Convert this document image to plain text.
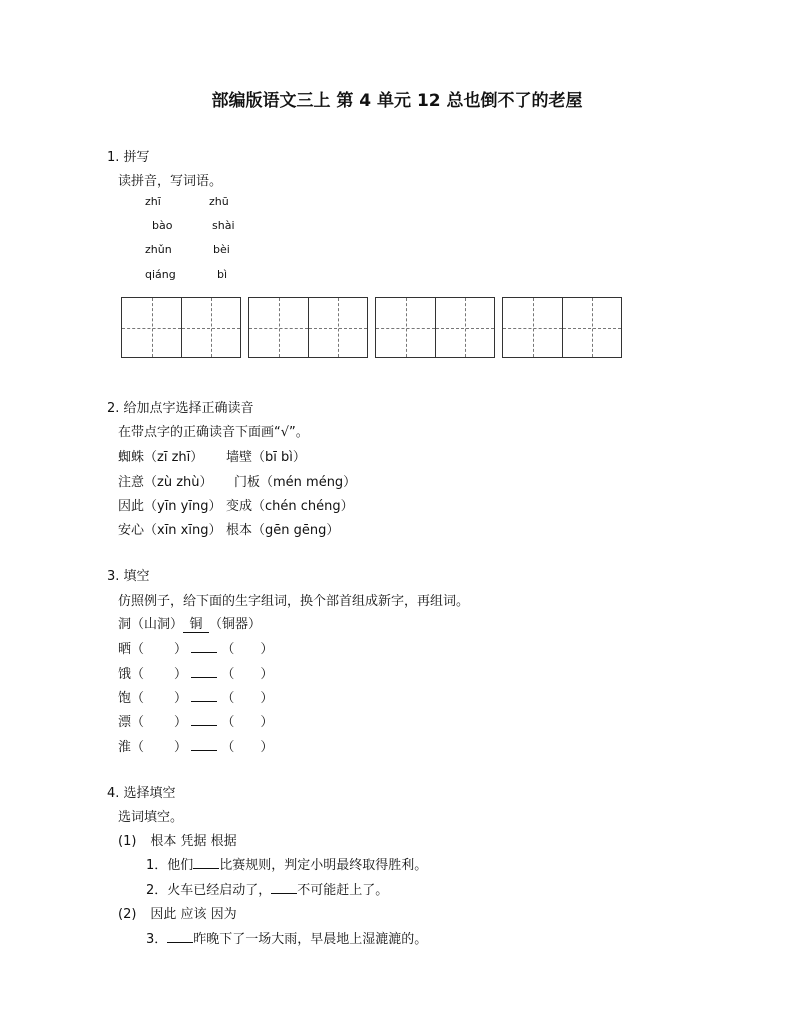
部编版语文三上 第 4 单元 12 总也倒不了的老屋
1. 拼写
读拼音，写词语。
zhī	zhū
bào	shài
zhǔn	bèi
qiáng	bì
2. 给加点字选择正确读音
在带点字的正确读音下面画“√”。
蜘蛛（zī zhī） 墙壁（bī bì）
注意（zù zhù） 门板（mén méng）
因此（yīn yīng） 变成（chén chéng）
安心（xīn xīng） 根本（gēn gēng）
3. 填空
仿照例子，给下面的生字组词，换个部首组成新字，再组词。
洞（山洞） 铜 （铜器）
晒（ ）	（ ）
饿（ ）	（ ）
饱（ ）	（ ）
漂（ ）	（ ）
淮（ ）	（ ）
4. 选择填空
选词填空。
(1) 根本 凭据 根据
1．他们 比赛规则，判定小明最终取得胜利。
2．火车已经启动了， 不可能赶上了。
(2) 因此 应该 因为
3． 昨晚下了一场大雨，早晨地上湿漉漉的。
